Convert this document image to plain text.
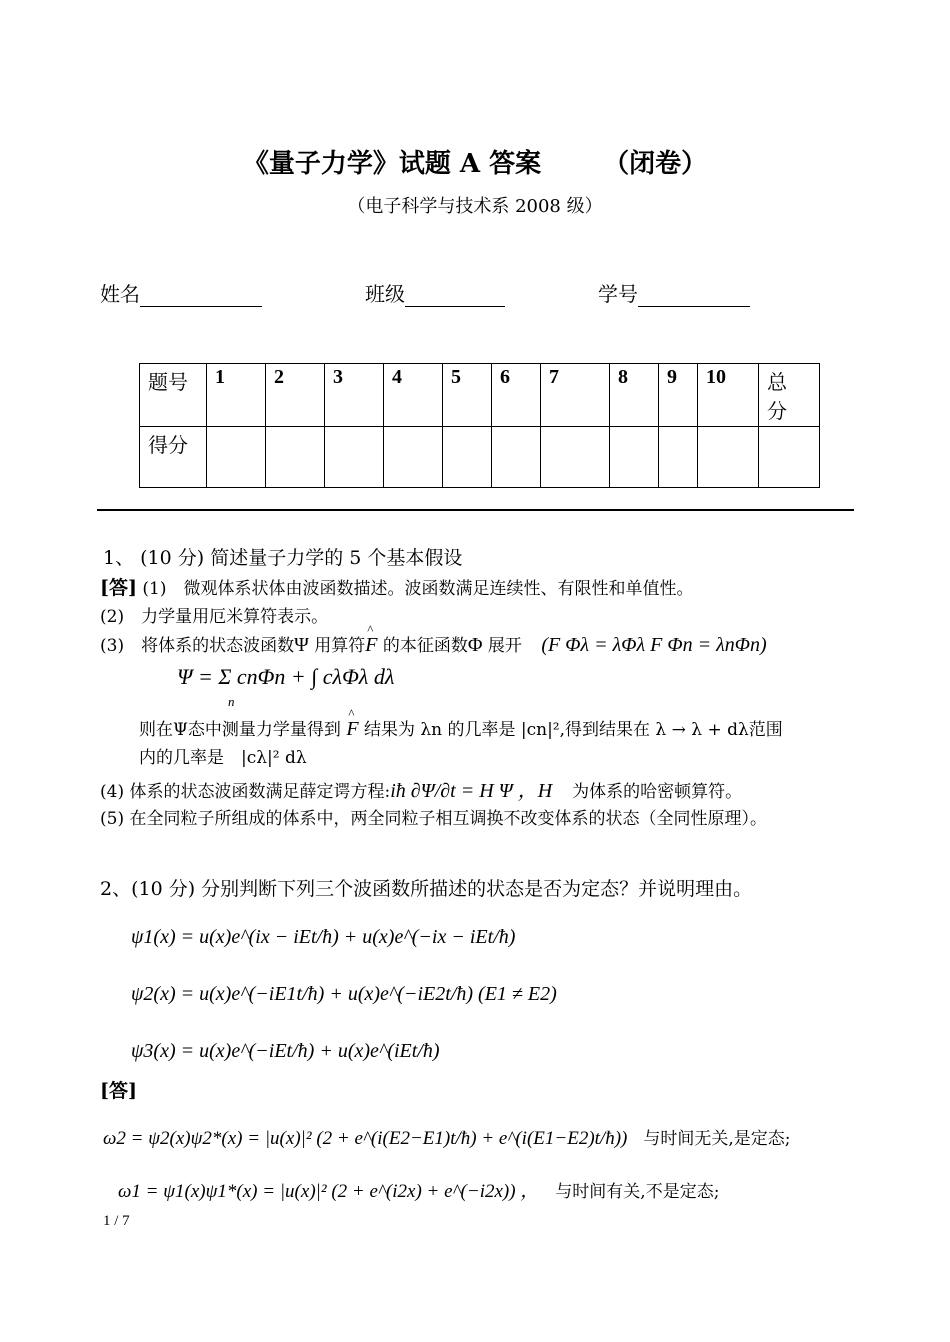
《量子力学》试题 A 答案 （闭卷）
（电子科学与技术系 2008 级）
姓名	班级	学号
题号	1	2	3	4	5	6	7	8	9	10	总
分
得分											
1、 (10 分) 简述量子力学的 5 个基本假设
[答] (1)　微观体系状体由波函数描述。波函数满足连续性、有限性和单值性。
(2)　力学量用厄米算符表示。
(3)　将体系的状态波函数Ψ 用算符^ F 的本征函数Φ 展开 (F Φλ = λΦλ F Φn = λnΦn)
Ψ = Σ cnΦn + ∫ cλΦλ dλ
n
则在Ψ态中测量力学量得到 ^ F 结果为 λn 的几率是 |cn|²,得到结果在 λ → λ + dλ范围
内的几率是　|cλ|² dλ
(4) 体系的状态波函数满足薛定谔方程:iħ ∂Ψ/∂t = H Ψ ，H 为体系的哈密顿算符。
(5) 在全同粒子所组成的体系中，两全同粒子相互调换不改变体系的状态（全同性原理）。
2、(10 分) 分别判断下列三个波函数所描述的状态是否为定态？并说明理由。
ψ1(x) = u(x)e^(ix − iEt/ħ) + u(x)e^(−ix − iEt/ħ)
ψ2(x) = u(x)e^(−iE1t/ħ) + u(x)e^(−iE2t/ħ) (E1 ≠ E2)
ψ3(x) = u(x)e^(−iEt/ħ) + u(x)e^(iEt/ħ)
[答]
ω2 = ψ2(x)ψ2*(x) = |u(x)|² (2 + e^(i(E2−E1)t/ħ) + e^(i(E1−E2)t/ħ)) 与时间无关,是定态;
ω1 = ψ1(x)ψ1*(x) = |u(x)|² (2 + e^(i2x) + e^(−i2x)) ， 与时间有关,不是定态;
1 / 7
